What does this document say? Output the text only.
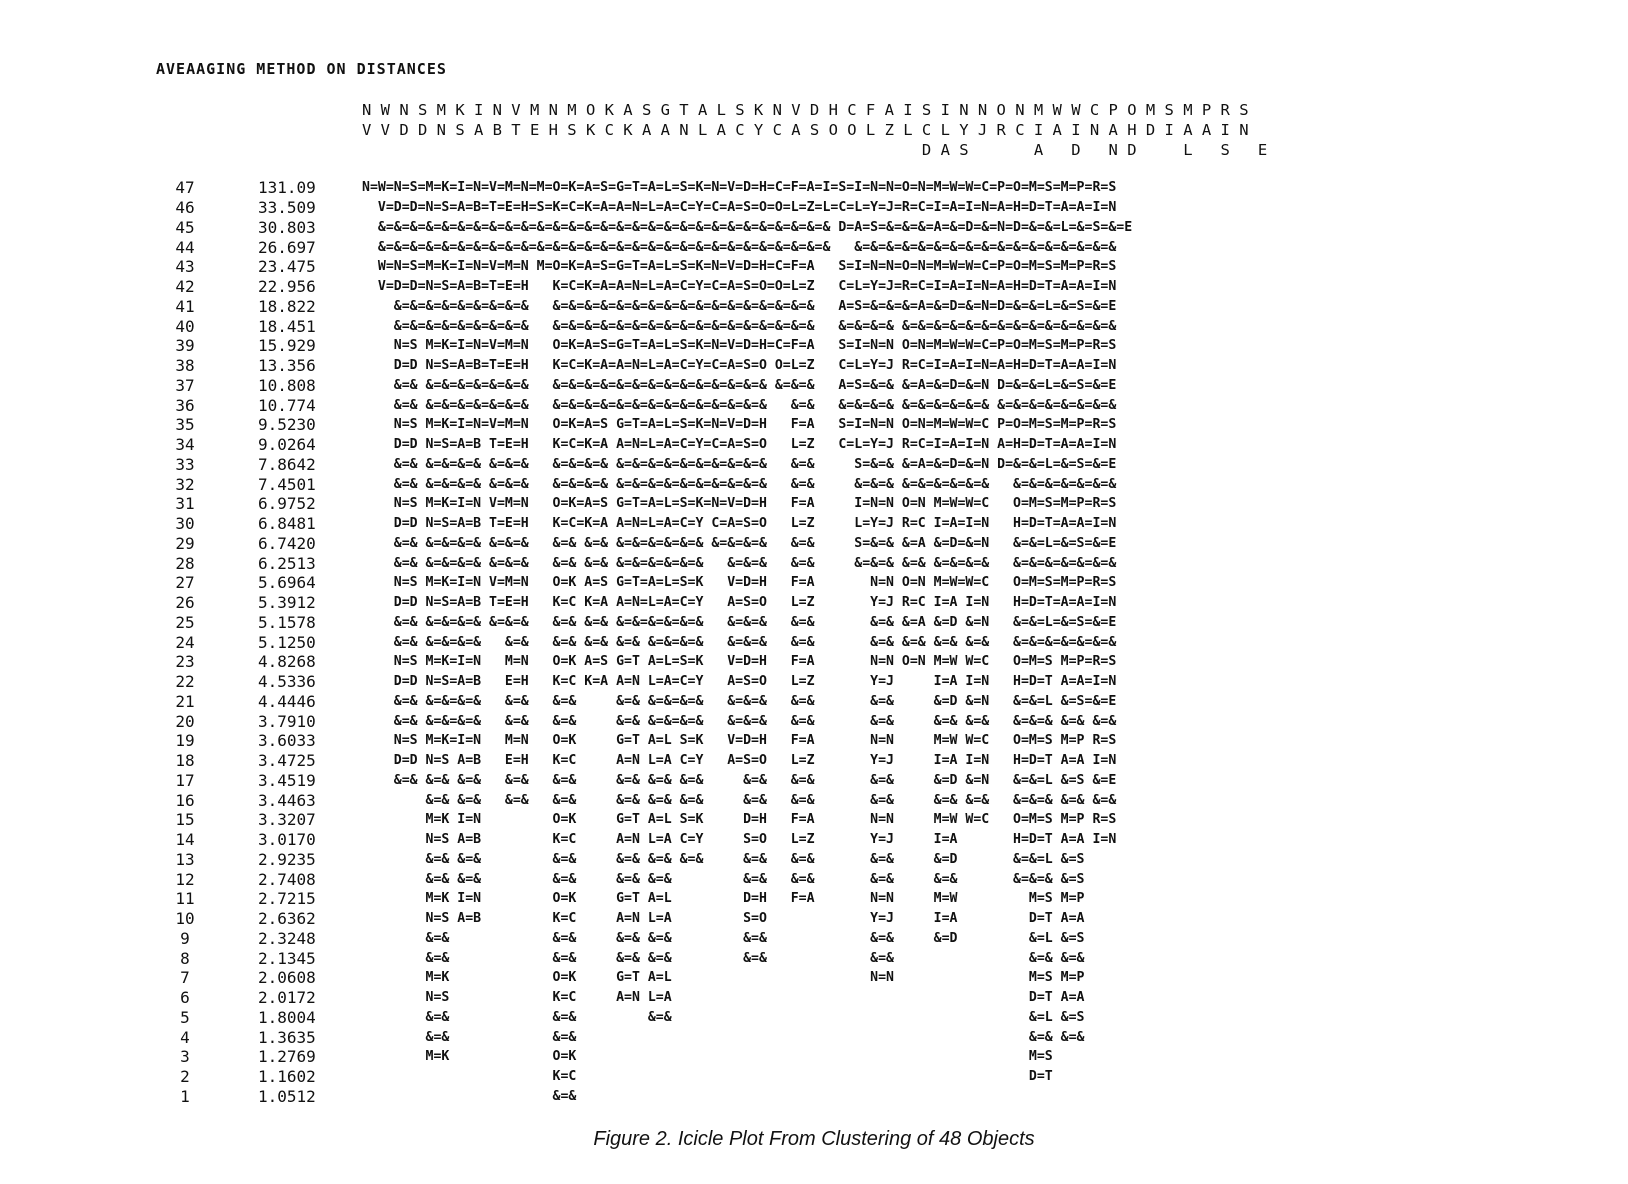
AVEAAGING METHOD ON DISTANCES
N W N S M K I N V M N M O K A S G T A L S K N V D H C F A I S I N N O N M W W C P O M S M P R S
V V D D N S A B T E H S K C K A A N L A C Y C A S O O L Z L C L Y J R C I A I N A H D I A A I N
D A S       A   D   N D     L   S   E
47	131.09	N=W=N=S=M=K=I=N=V=M=N=M=O=K=A=S=G=T=A=L=S=K=N=V=D=H=C=F=A=I=S=I=N=N=O=N=M=W=W=C=P=O=M=S=M=P=R=S
46	33.509	V=D=D=N=S=A=B=T=E=H=S=K=C=K=A=A=N=L=A=C=Y=C=A=S=O=O=L=Z=L=C=L=Y=J=R=C=I=A=I=N=A=H=D=T=A=A=I=N
45	30.803	&=&=&=&=&=&=&=&=&=&=&=&=&=&=&=&=&=&=&=&=&=&=&=&=&=&=&=&=& D=A=S=&=&=&=A=&=D=&=N=D=&=&=L=&=S=&=E
44	26.697	&=&=&=&=&=&=&=&=&=&=&=&=&=&=&=&=&=&=&=&=&=&=&=&=&=&=&=&=&   &=&=&=&=&=&=&=&=&=&=&=&=&=&=&=&=&
43	23.475	W=N=S=M=K=I=N=V=M=N M=O=K=A=S=G=T=A=L=S=K=N=V=D=H=C=F=A   S=I=N=N=O=N=M=W=W=C=P=O=M=S=M=P=R=S
42	22.956	V=D=D=N=S=A=B=T=E=H   K=C=K=A=A=N=L=A=C=Y=C=A=S=O=O=L=Z   C=L=Y=J=R=C=I=A=I=N=A=H=D=T=A=A=I=N
41	18.822	&=&=&=&=&=&=&=&=&   &=&=&=&=&=&=&=&=&=&=&=&=&=&=&=&=&   A=S=&=&=&=A=&=D=&=N=D=&=&=L=&=S=&=E
40	18.451	&=&=&=&=&=&=&=&=&   &=&=&=&=&=&=&=&=&=&=&=&=&=&=&=&=&   &=&=&=& &=&=&=&=&=&=&=&=&=&=&=&=&=&
39	15.929	N=S M=K=I=N=V=M=N   O=K=A=S=G=T=A=L=S=K=N=V=D=H=C=F=A   S=I=N=N O=N=M=W=W=C=P=O=M=S=M=P=R=S
38	13.356	D=D N=S=A=B=T=E=H   K=C=K=A=A=N=L=A=C=Y=C=A=S=O O=L=Z   C=L=Y=J R=C=I=A=I=N=A=H=D=T=A=A=I=N
37	10.808	&=& &=&=&=&=&=&=&   &=&=&=&=&=&=&=&=&=&=&=&=&=& &=&=&   A=S=&=& &=A=&=D=&=N D=&=&=L=&=S=&=E
36	10.774	&=& &=&=&=&=&=&=&   &=&=&=&=&=&=&=&=&=&=&=&=&=&   &=&   &=&=&=& &=&=&=&=&=& &=&=&=&=&=&=&=&
35	9.5230	N=S M=K=I=N=V=M=N   O=K=A=S G=T=A=L=S=K=N=V=D=H   F=A   S=I=N=N O=N=M=W=W=C P=O=M=S=M=P=R=S
34	9.0264	D=D N=S=A=B T=E=H   K=C=K=A A=N=L=A=C=Y=C=A=S=O   L=Z   C=L=Y=J R=C=I=A=I=N A=H=D=T=A=A=I=N
33	7.8642	&=& &=&=&=& &=&=&   &=&=&=& &=&=&=&=&=&=&=&=&=&   &=&     S=&=& &=A=&=D=&=N D=&=&=L=&=S=&=E
32	7.4501	&=& &=&=&=& &=&=&   &=&=&=& &=&=&=&=&=&=&=&=&=&   &=&     &=&=& &=&=&=&=&=&   &=&=&=&=&=&=&
31	6.9752	N=S M=K=I=N V=M=N   O=K=A=S G=T=A=L=S=K=N=V=D=H   F=A     I=N=N O=N M=W=W=C   O=M=S=M=P=R=S
30	6.8481	D=D N=S=A=B T=E=H   K=C=K=A A=N=L=A=C=Y C=A=S=O   L=Z     L=Y=J R=C I=A=I=N   H=D=T=A=A=I=N
29	6.7420	&=& &=&=&=& &=&=&   &=& &=& &=&=&=&=&=& &=&=&=&   &=&     S=&=& &=A &=D=&=N   &=&=L=&=S=&=E
28	6.2513	&=& &=&=&=& &=&=&   &=& &=& &=&=&=&=&=&   &=&=&   &=&     &=&=& &=& &=&=&=&   &=&=&=&=&=&=&
27	5.6964	N=S M=K=I=N V=M=N   O=K A=S G=T=A=L=S=K   V=D=H   F=A       N=N O=N M=W=W=C   O=M=S=M=P=R=S
26	5.3912	D=D N=S=A=B T=E=H   K=C K=A A=N=L=A=C=Y   A=S=O   L=Z       Y=J R=C I=A I=N   H=D=T=A=A=I=N
25	5.1578	&=& &=&=&=& &=&=&   &=& &=& &=&=&=&=&=&   &=&=&   &=&       &=& &=A &=D &=N   &=&=L=&=S=&=E
24	5.1250	&=& &=&=&=&   &=&   &=& &=& &=& &=&=&=&   &=&=&   &=&       &=& &=& &=& &=&   &=&=&=&=&=&=&
23	4.8268	N=S M=K=I=N   M=N   O=K A=S G=T A=L=S=K   V=D=H   F=A       N=N O=N M=W W=C   O=M=S M=P=R=S
22	4.5336	D=D N=S=A=B   E=H   K=C K=A A=N L=A=C=Y   A=S=O   L=Z       Y=J     I=A I=N   H=D=T A=A=I=N
21	4.4446	&=& &=&=&=&   &=&   &=&     &=& &=&=&=&   &=&=&   &=&       &=&     &=D &=N   &=&=L &=S=&=E
20	3.7910	&=& &=&=&=&   &=&   &=&     &=& &=&=&=&   &=&=&   &=&       &=&     &=& &=&   &=&=& &=& &=&
19	3.6033	N=S M=K=I=N   M=N   O=K     G=T A=L S=K   V=D=H   F=A       N=N     M=W W=C   O=M=S M=P R=S
18	3.4725	D=D N=S A=B   E=H   K=C     A=N L=A C=Y   A=S=O   L=Z       Y=J     I=A I=N   H=D=T A=A I=N
17	3.4519	&=& &=& &=&   &=&   &=&     &=& &=& &=&     &=&   &=&       &=&     &=D &=N   &=&=L &=S &=E
16	3.4463	&=& &=&   &=&   &=&     &=& &=& &=&     &=&   &=&       &=&     &=& &=&   &=&=& &=& &=&
15	3.3207	M=K I=N         O=K     G=T A=L S=K     D=H   F=A       N=N     M=W W=C   O=M=S M=P R=S
14	3.0170	N=S A=B         K=C     A=N L=A C=Y     S=O   L=Z       Y=J     I=A       H=D=T A=A I=N
13	2.9235	&=& &=&         &=&     &=& &=& &=&     &=&   &=&       &=&     &=D       &=&=L &=S
12	2.7408	&=& &=&         &=&     &=& &=&         &=&   &=&       &=&     &=&       &=&=& &=S
11	2.7215	M=K I=N         O=K     G=T A=L         D=H   F=A       N=N     M=W         M=S M=P
10	2.6362	N=S A=B         K=C     A=N L=A         S=O             Y=J     I=A         D=T A=A
9	2.3248	&=&             &=&     &=& &=&         &=&             &=&     &=D         &=L &=S
8	2.1345	&=&             &=&     &=& &=&         &=&             &=&                 &=& &=&
7	2.0608	M=K             O=K     G=T A=L                         N=N                 M=S M=P
6	2.0172	N=S             K=C     A=N L=A                                             D=T A=A
5	1.8004	&=&             &=&         &=&                                             &=L &=S
4	1.3635	&=&             &=&                                                         &=& &=&
3	1.2769	M=K             O=K                                                         M=S
2	1.1602	K=C                                                         D=T
1	1.0512	&=&
Figure 2. Icicle Plot From Clustering of 48 Objects
